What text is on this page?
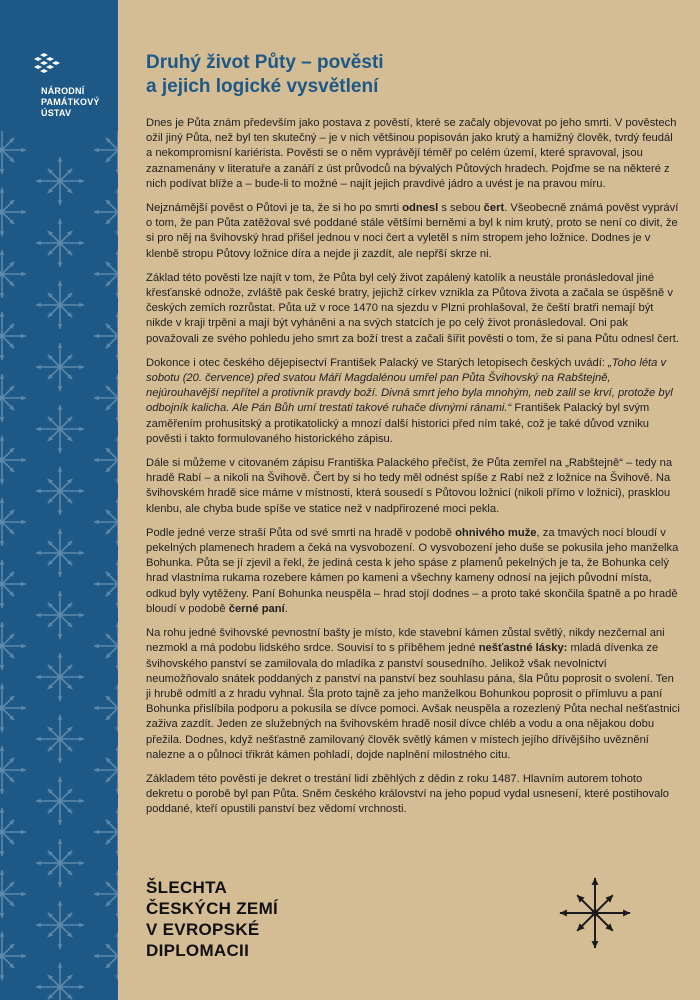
NÁRODNÍ
PAMÁTKOVÝ
ÚSTAV
Druhý život Půty – pověsti
a jejich logické vysvětlení

Dnes je Půta znám především jako postava z pověstí, které se začaly objevovat po jeho smrti. V pověstech ožil jiný Půta, než byl ten skutečný – je v nich většinou popisován jako krutý a hamižný člověk, tvrdý feudál a nekompromisní kariérista. Pověsti se o něm vyprávějí téměř po celém území, které spravoval, jsou zaznamenány v literatuře a zanáří z úst průvodců na bývalých Půtových hradech. Pojďme se na některé z nich podívat blíže a – bude-li to možné – najít jejich pravdivé jádro a uvést je na pravou míru.

Nejznámější pověst o Půtovi je ta, že si ho po smrti odnesl s sebou čert. Všeobecně známá pověst vypráví o tom, že pan Půta zatěžoval své poddané stále většími berněmi a byl k nim krutý, proto se není co divit, že si pro něj na švihovský hrad přišel jednou v noci čert a vyletěl s ním stropem jeho ložnice. Dodnes je v klenbě stropu Půtovy ložnice díra a nejde ji zazdít, ale nepřší skrze ni.

Základ této pověsti lze najít v tom, že Půta byl celý život zapálený katolík a neustále pronásledoval jiné křesťanské odnože, zvláště pak české bratry, jejichž církev vznikla za Půtova života a začala se úspěšně v českých zemích rozrůstat. Půta už v roce 1470 na sjezdu v Plzni prohlašoval, že čeští bratři nemají být nikde v kraji trpěni a mají být vyháněni a na svých statcích je po celý život pronásledoval. Oni pak považovali ze svého pohledu jeho smrt za boží trest a začali šířit pověsti o tom, že si pana Půtu odnesl čert.

Dokonce i otec českého dějepisectví František Palacký ve Starých letopisech českých uvádí: „Toho léta v sobotu (20. července) před svatou Máří Magdalénou umřel pan Půta Švihovský na Rabštejně, nejúrouhavější nepřítel a protivník pravdy boží. Divná smrt jeho byla mnohým, neb zalil se krví, protože byl odbojník kalicha. Ale Pán Bůh umí trestati takové ruhače divnými ránami.“ František Palacký byl svým zaměřením prohusitský a protikatolický a mnozí další historici před ním také, což je také důvod vzniku pověsti i takto formulovaného historického zápisu.

Dále si můžeme v citovaném zápisu Františka Palackého přečíst, že Půta zemřel na „Rabštejně“ – tedy na hradě Rabí – a nikoli na Švihově. Čert by si ho tedy měl odnést spíše z Rabí než z ložnice na Švihově. Na švihovském hradě sice máme v místnosti, která sousedí s Půtovou ložnicí (nikoli přímo v ložnici), prasklou klenbu, ale chyba bude spíše ve statice než v nadpřirozené moci pekla.

Podle jedné verze straší Půta od své smrti na hradě v podobě ohnivého muže, za tmavých nocí bloudí v pekelných plamenech hradem a čeká na vysvobození. O vysvobození jeho duše se pokusila jeho manželka Bohunka. Půta se jí zjevil a řekl, že jediná cesta k jeho spáse z plamenů pekelných je ta, že Bohunka celý hrad vlastníma rukama rozebere kámen po kameni a všechny kameny odnosí na jejich původní místa, odkud byly vytěženy. Paní Bohunka neuspěla – hrad stojí dodnes – a proto také skončila špatně a po hradě bloudí v podobě černé paní.

Na rohu jedné švihovské pevnostní bašty je místo, kde stavební kámen zůstal světlý, nikdy nezčernal ani nezmokl a má podobu lidského srdce. Souvisí to s příběhem jedné nešťastné lásky: mladá dívenka ze švihovského panství se zamilovala do mladíka z panství sousedního. Jelikož však nevolnictví neumožňovalo snátek poddaných z panství na panství bez souhlasu pána, šla Půtu poprosit o svolení. Ten ji hrubě odmítl a z hradu vyhnal. Šla proto tajně za jeho manželkou Bohunkou poprosit o přímluvu a paní Bohunka přislíbila podporu a pokusila se dívce pomoci. Avšak neuspěla a rozezlený Půta nechal nešťastnici zaživa zazdít. Jeden ze služebných na švihovském hradě nosil dívce chléb a vodu a ona nějakou dobu přežila. Dodnes, když nešťastně zamilovaný člověk světlý kámen v místech jejího dřívějšího uvěznění nalezne a o půlnoci třikrát kámen pohladí, dojde naplnění milostného citu.

Základem této pověsti je dekret o trestání lidí zběhlých z dědin z roku 1487. Hlavním autorem tohoto dekretu o porobě byl pan Půta. Sněm českého království na jeho popud vydal usnesení, které postihovalo poddané, kteří opustili panství bez vědomí vrchnosti.

ŠLECHTA
ČESKÝCH ZEMÍ
V EVROPSKÉ
DIPLOMACII
